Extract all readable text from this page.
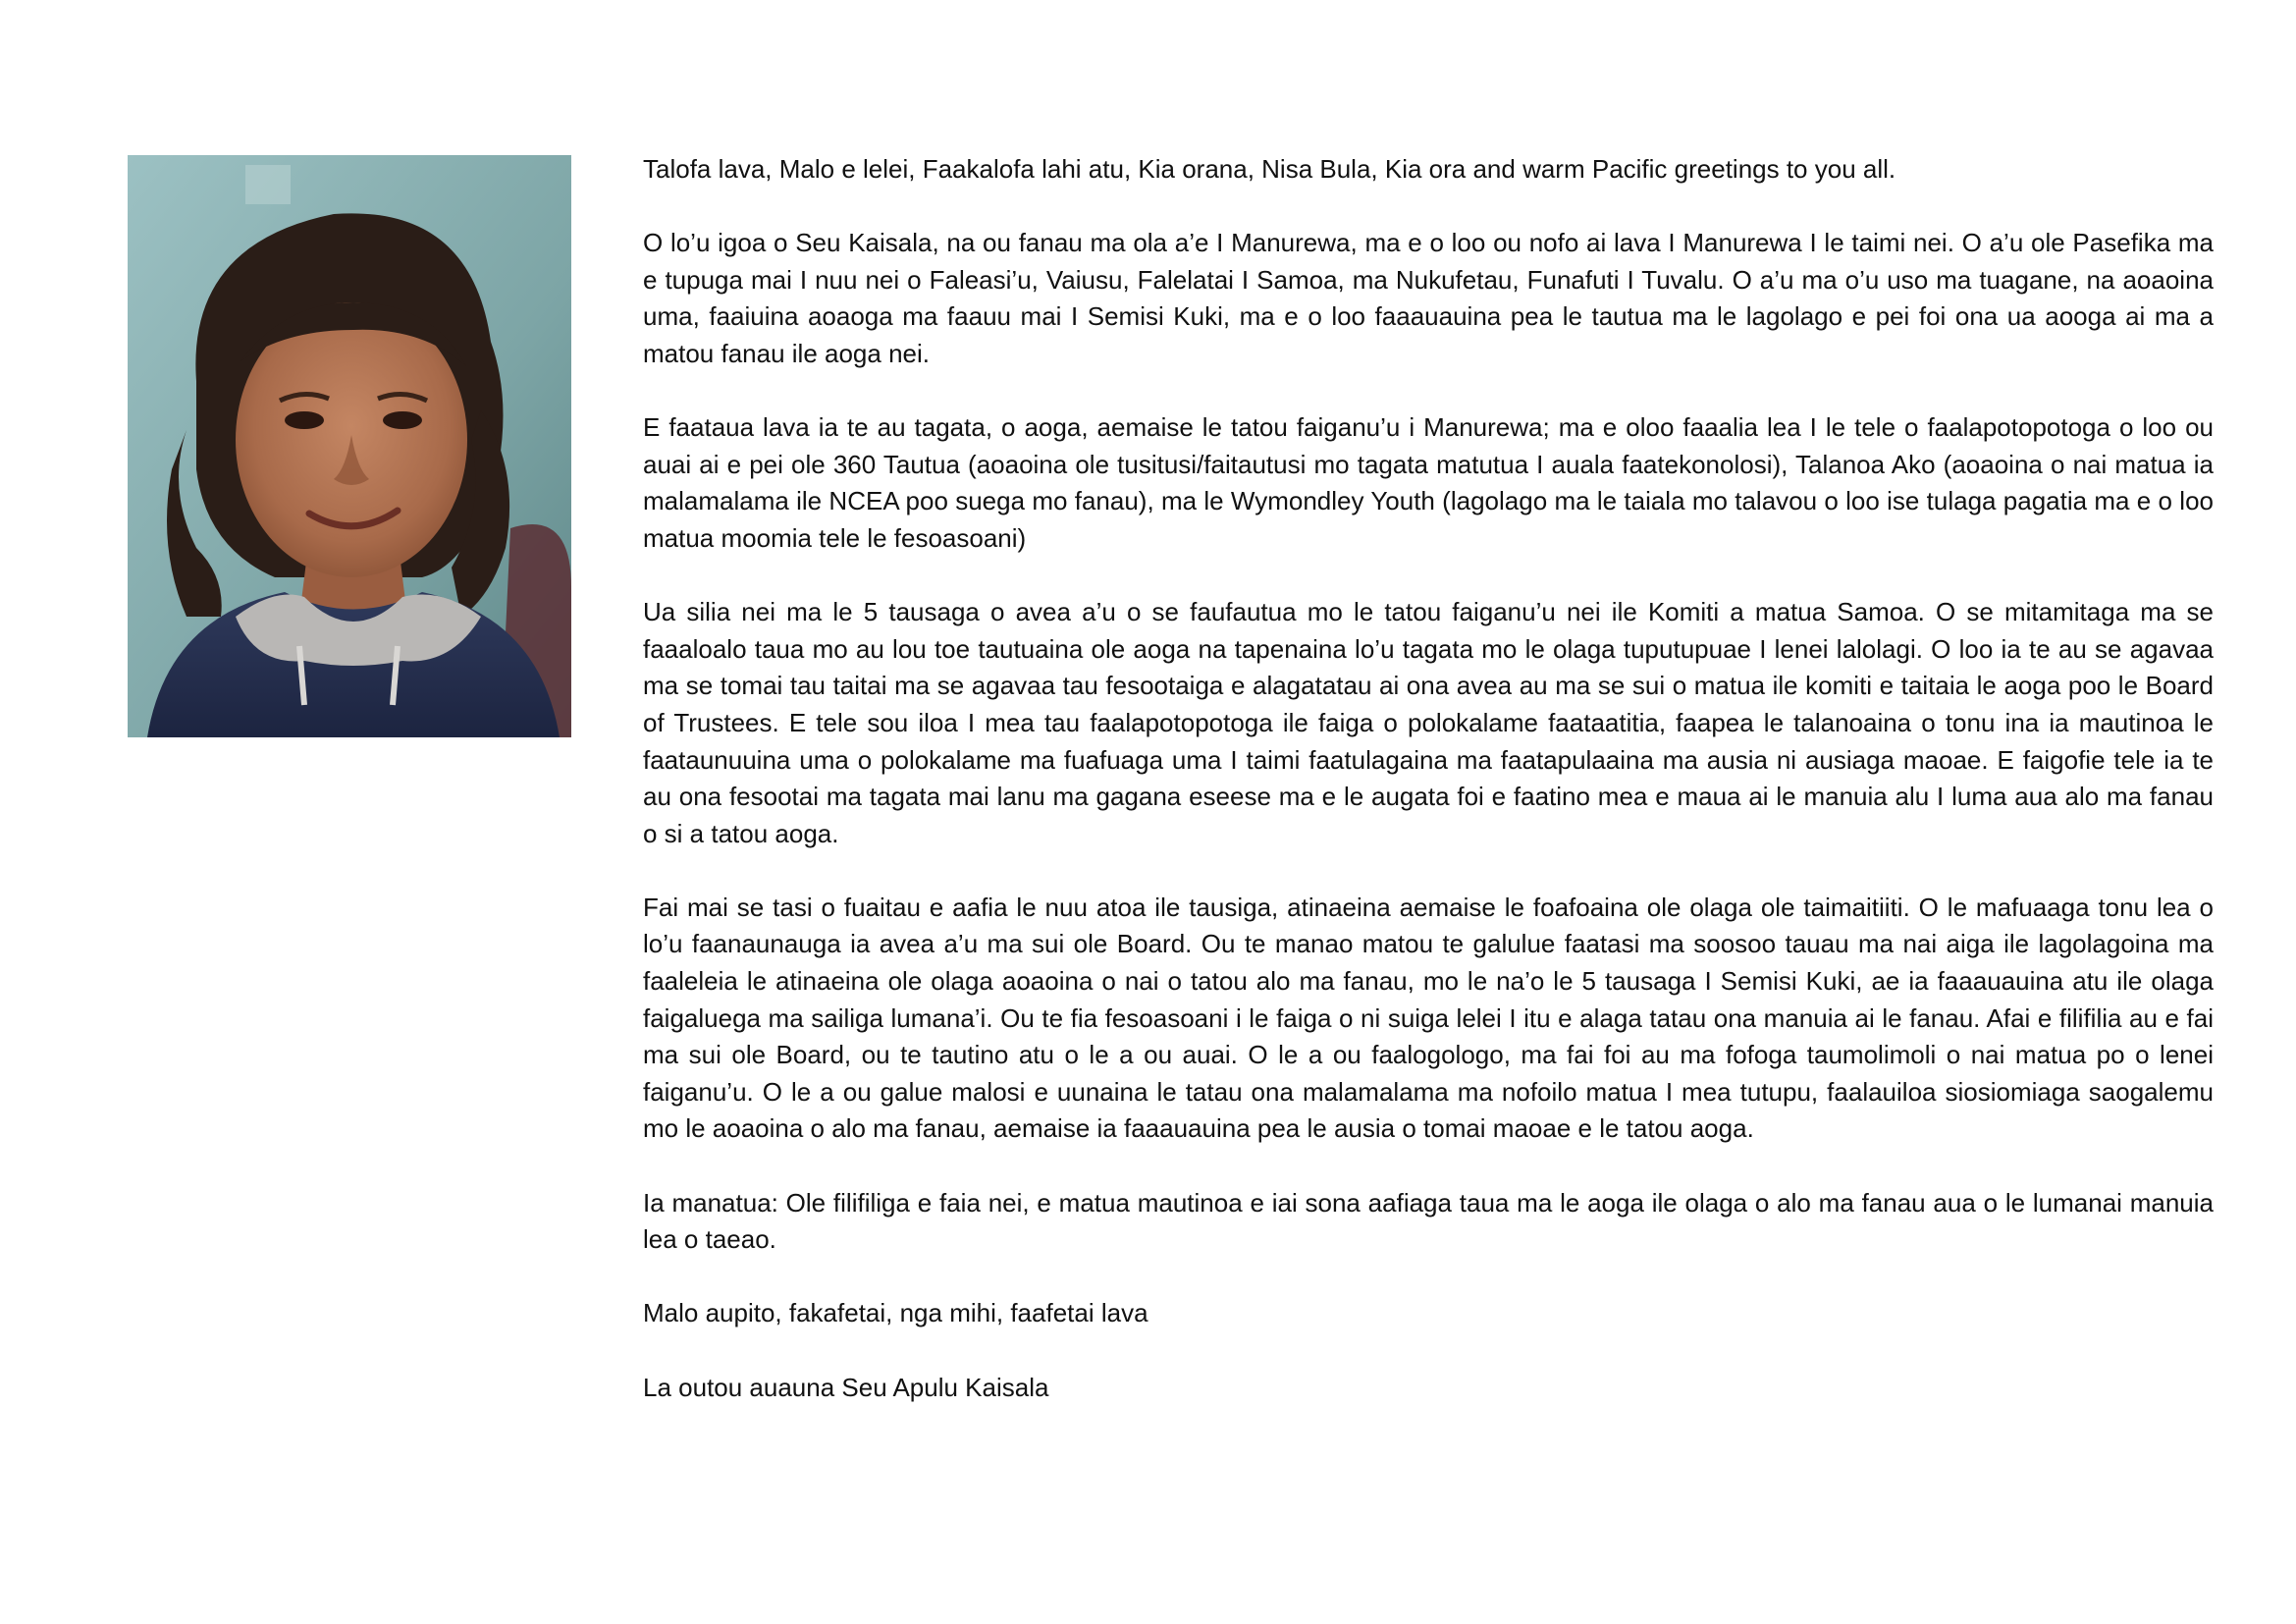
Talofa lava, Malo e lelei, Faakalofa lahi atu, Kia orana, Nisa Bula, Kia ora and warm Pacific greetings to you all.

O lo’u igoa o Seu Kaisala, na ou fanau ma ola a’e I Manurewa, ma e o loo ou nofo ai lava I Manurewa I le taimi nei. O a’u ole Pasefika ma e tupuga mai I nuu nei o Faleasi’u, Vaiusu, Falelatai I Samoa, ma Nukufetau, Funafuti I Tuvalu. O a’u ma o’u uso ma tuagane, na aoaoina uma, faaiuina aoaoga ma faauu mai I Semisi Kuki, ma e o loo faaauauina pea le tautua ma le lagolago e pei foi ona ua aooga ai ma a matou fanau ile aoga nei.

E faataua lava ia te au tagata, o aoga, aemaise le tatou faiganu’u i Manurewa; ma e oloo faaalia lea I le tele o faalapotopotoga o loo ou auai ai e pei ole 360 Tautua (aoaoina ole tusitusi/faitautusi mo tagata matutua I auala faatekonolosi), Talanoa Ako (aoaoina o nai matua ia malamalama ile NCEA poo suega mo fanau), ma le Wymondley Youth (lagolago ma le taiala mo talavou o loo ise tulaga pagatia ma e o loo matua moomia tele le fesoasoani)

Ua silia nei ma le 5 tausaga o avea a’u o se faufautua mo le tatou faiganu’u nei ile Komiti a matua Samoa. O se mitamitaga ma se faaaloalo taua mo au lou toe tautuaina ole aoga na tapenaina lo’u tagata mo le olaga tuputupuae I lenei lalolagi. O loo ia te au se agavaa ma se tomai tau taitai ma se agavaa tau fesootaiga e alagatatau ai ona avea au ma se sui o matua ile komiti e taitaia le aoga poo le Board of Trustees. E tele sou iloa I mea tau faalapotopotoga ile faiga o polokalame faataatitia, faapea le talanoaina o tonu ina ia mautinoa le faataunuuina uma o polokalame ma fuafuaga uma I taimi faatulagaina ma faatapulaaina ma ausia ni ausiaga maoae. E faigofie tele ia te au ona fesootai ma tagata mai lanu ma gagana eseese ma e le augata foi e faatino mea e maua ai le manuia alu I luma aua alo ma fanau o si a tatou aoga.

Fai mai se tasi o fuaitau e aafia le nuu atoa ile tausiga, atinaeina aemaise le foafoaina ole olaga ole taimaitiiti. O le mafuaaga tonu lea o lo’u faanaunauga ia avea a’u ma sui ole Board. Ou te manao matou te galulue faatasi ma soosoo tauau ma nai aiga ile lagolagoina ma faaleleia le atinaeina ole olaga aoaoina o nai o tatou alo ma fanau, mo le na’o le 5 tausaga I Semisi Kuki, ae ia faaauauina atu ile olaga faigaluega ma sailiga lumana’i. Ou te fia fesoasoani i le faiga o ni suiga lelei I itu e alaga tatau ona manuia ai le fanau. Afai e filifilia au e fai ma sui ole Board, ou te tautino atu o le a ou auai. O le a ou faalogologo, ma fai foi au ma fofoga taumolimoli o nai matua po o lenei faiganu’u. O le a ou galue malosi e uunaina le tatau ona malamalama ma nofoilo matua I mea tutupu, faalauiloa siosiomiaga saogalemu mo le aoaoina o alo ma fanau, aemaise ia faaauauina pea le ausia o tomai maoae e le tatou aoga.

Ia manatua: Ole filifiliga e faia nei, e matua mautinoa e iai sona aafiaga taua ma le aoga ile olaga o alo ma fanau aua o le lumanai manuia lea o taeao.

Malo aupito, fakafetai, nga mihi, faafetai lava

La outou auauna Seu Apulu Kaisala
